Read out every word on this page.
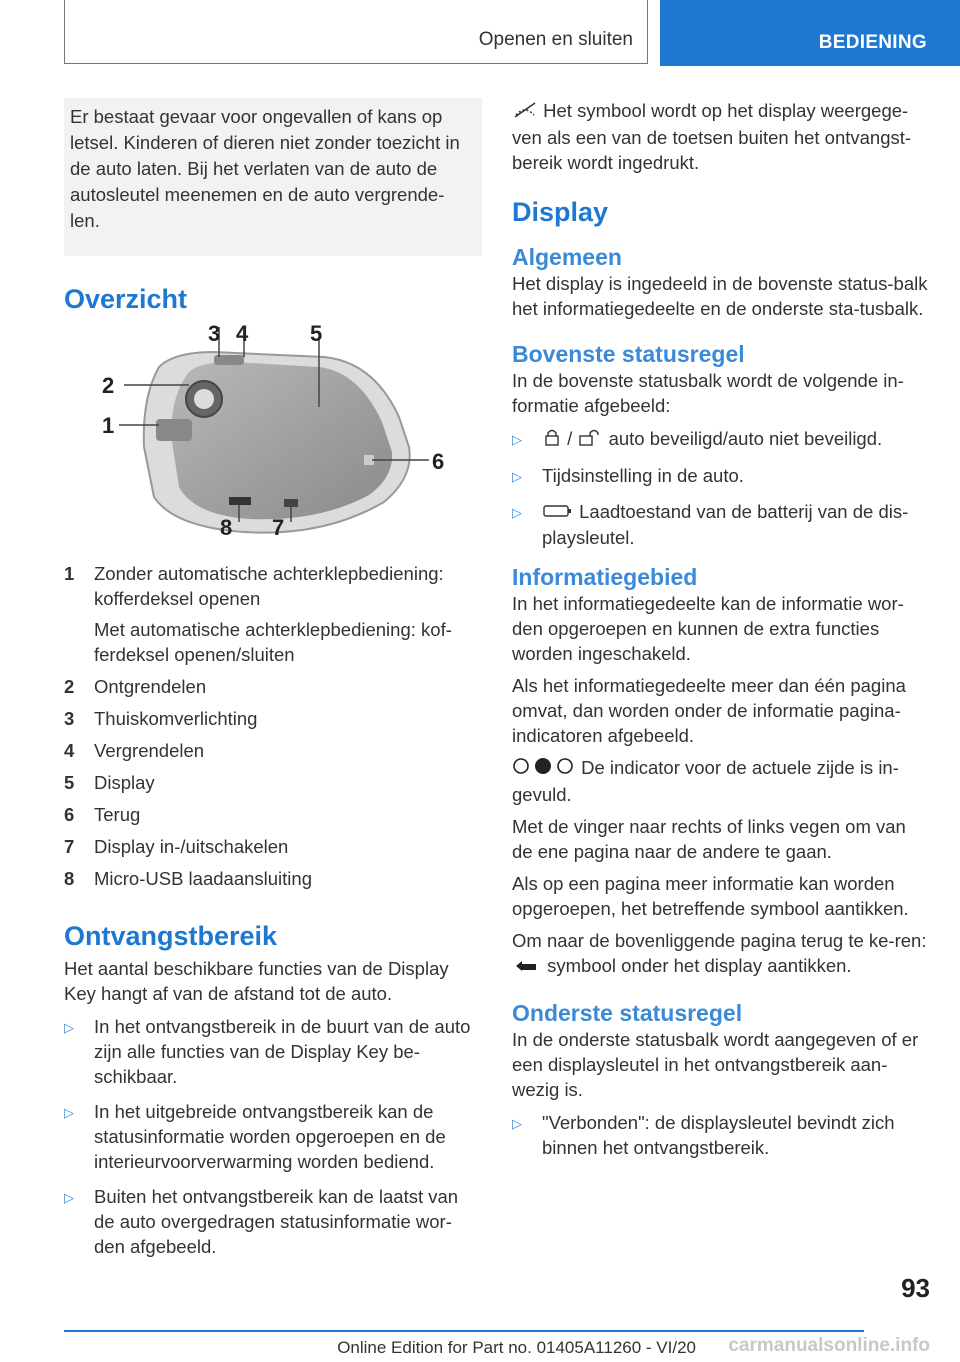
Openen en sluiten	BEDIENING
Er bestaat gevaar voor ongevallen of kans op letsel. Kinderen of dieren niet zonder toezicht in de auto laten. Bij het verlaten van de auto de autosleutel meenemen en de auto vergrende-len.
Overzicht
3 4	5
2
1
6
8 7
1	Zonder automatische achterklepbediening: kofferdeksel openen
Met automatische achterklepbediening: kof-ferdeksel openen/sluiten
2	Ontgrendelen
3	Thuiskomverlichting
4	Vergrendelen
5	Display
6	Terug
7	Display in-/uitschakelen
8	Micro-USB laadaansluiting
Ontvangstbereik

Het aantal beschikbare functies van de Display Key hangt af van de afstand tot de auto.

▷	In het ontvangstbereik in de buurt van de auto zijn alle functies van de Display Key be-schikbaar.
▷	In het uitgebreide ontvangstbereik kan de statusinformatie worden opgeroepen en de interieurvoorverwarming worden bediend.
▷	Buiten het ontvangstbereik kan de laatst van de auto overgedragen statusinformatie wor-den afgebeeld.

Het symbool wordt op het display weergege-ven als een van de toetsen buiten het ontvangst-bereik wordt ingedrukt.

Display
Algemeen

Het display is ingedeeld in de bovenste status-balk het informatiegedeelte en de onderste sta-tusbalk.

Bovenste statusregel

In de bovenste statusbalk wordt de volgende in-formatie afgebeeld:

▷	/ auto beveiligd/auto niet beveiligd.
▷	Tijdsinstelling in de auto.
▷	Laadtoestand van de batterij van de dis-playsleutel.
Informatiegebied

In het informatiegedeelte kan de informatie wor-den opgeroepen en kunnen de extra functies worden ingeschakeld.

Als het informatiegedeelte meer dan één pagina omvat, dan worden onder de informatie pagina-indicatoren afgebeeld.

De indicator voor de actuele zijde is in-gevuld.

Met de vinger naar rechts of links vegen om van de ene pagina naar de andere te gaan.

Als op een pagina meer informatie kan worden opgeroepen, het betreffende symbool aantikken.

Om naar de bovenliggende pagina terug te ke-ren:  symbool onder het display aantikken.

Onderste statusregel

In de onderste statusbalk wordt aangegeven of er een displaysleutel in het ontvangstbereik aan-wezig is.

▷	"Verbonden": de displaysleutel bevindt zich binnen het ontvangstbereik.
93
Online Edition for Part no. 01405A11260 - VI/20 carmanualsonline.info
